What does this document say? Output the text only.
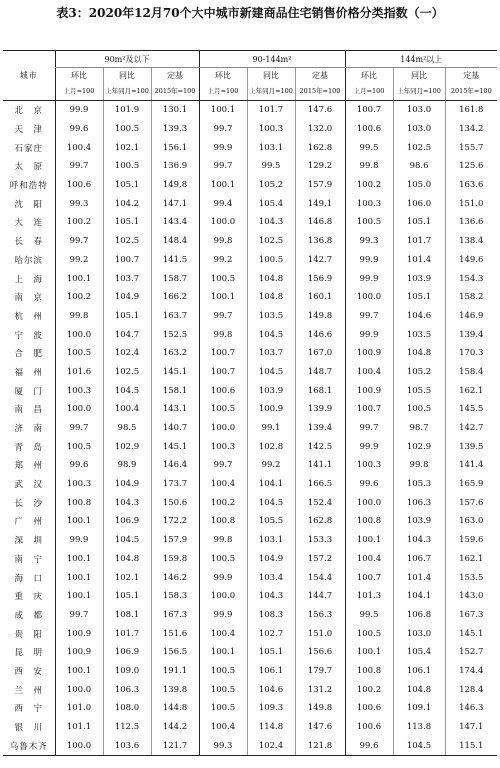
表3：2020年12月70个大中城市新建商品住宅销售价格分类指数（一）
城市	90m²及以下			90-144m²			144m²以上		
	环比	同比	定基	环比	同比	定基	环比	同比	定基
	上月=100	上年同月=100	2015年=100	上月=100	上年同月=100	2015年=100	上月=100	上年同月=100	2015年=100
北　京	99.9	101.9	130.1	100.1	101.7	147.6	100.7	103.0	161.8
天　津	99.6	100.5	139.3	99.7	100.3	132.0	100.6	103.0	134.2
石家庄	100.4	102.1	156.1	99.9	103.1	162.8	99.5	102.5	155.7
太　原	99.7	100.5	136.9	99.7	99.5	129.2	99.8	98.6	125.6
呼和浩特	100.6	105.1	149.8	100.1	105.2	157.9	100.2	105.0	163.6
沈　阳	99.3	104.2	147.1	99.4	105.4	149.1	100.3	106.0	151.0
大　连	100.2	105.1	143.4	100.0	104.3	146.8	100.5	105.1	136.6
长　春	99.7	102.5	148.4	99.8	102.5	136.8	99.3	101.7	138.4
哈尔滨	99.2	100.7	141.5	99.2	100.5	142.7	99.9	101.4	149.6
上　海	100.1	103.7	158.7	100.5	104.8	156.9	99.9	103.9	154.3
南　京	100.2	104.9	166.2	100.1	104.8	160.1	100.0	105.1	158.2
杭　州	99.8	105.1	163.7	99.7	103.5	149.8	99.7	104.6	146.9
宁　波	100.0	104.7	152.5	99.8	104.5	146.6	99.9	103.5	139.4
合　肥	100.5	102.4	163.2	100.7	103.7	167.0	100.9	104.8	170.3
福　州	101.6	102.5	145.1	100.7	104.5	148.7	100.4	105.2	158.4
厦　门	100.3	104.5	158.1	100.6	103.9	168.1	100.9	105.5	162.1
南　昌	100.0	100.4	143.1	100.5	100.9	139.9	100.7	100.5	145.5
济　南	99.7	98.5	140.7	100.0	99.1	139.4	99.7	98.7	142.7
青　岛	100.5	102.9	145.1	100.3	102.8	142.5	99.9	102.9	139.5
郑　州	99.6	98.9	146.4	99.7	99.2	141.1	100.3	99.8	141.4
武　汉	100.3	104.9	173.7	100.4	104.1	166.5	99.6	105.3	165.9
长　沙	100.8	104.3	150.6	100.2	104.5	152.4	100.0	106.3	157.6
广　州	100.1	106.9	172.2	100.8	105.5	162.8	100.8	103.9	163.0
深　圳	99.9	104.5	157.9	99.8	103.1	153.3	100.1	104.3	159.6
南　宁	100.1	104.8	159.8	100.5	104.9	157.2	100.4	106.7	162.1
海　口	100.1	102.1	146.2	99.9	103.4	154.4	100.7	101.4	153.5
重　庆	100.1	105.1	158.3	100.0	104.3	144.7	101.3	104.1	143.0
成　都	99.7	108.1	167.3	99.9	108.3	156.3	99.5	106.8	167.3
贵　阳	100.9	101.7	151.6	100.4	102.7	151.0	100.5	103.0	145.1
昆　明	100.9	106.9	156.5	100.1	105.1	156.6	100.1	105.4	152.7
西　安	100.1	109.0	191.1	100.5	106.1	179.7	100.8	106.1	174.4
兰　州	100.0	106.3	139.8	100.5	104.6	131.2	100.2	104.8	128.4
西　宁	101.0	108.0	144.8	100.5	109.3	149.8	100.6	109.1	146.3
银　川	101.1	112.5	144.2	100.4	114.8	147.6	100.6	113.8	147.1
乌鲁木齐	100.0	103.6	121.7	99.3	102.4	121.8	99.6	104.5	115.1
